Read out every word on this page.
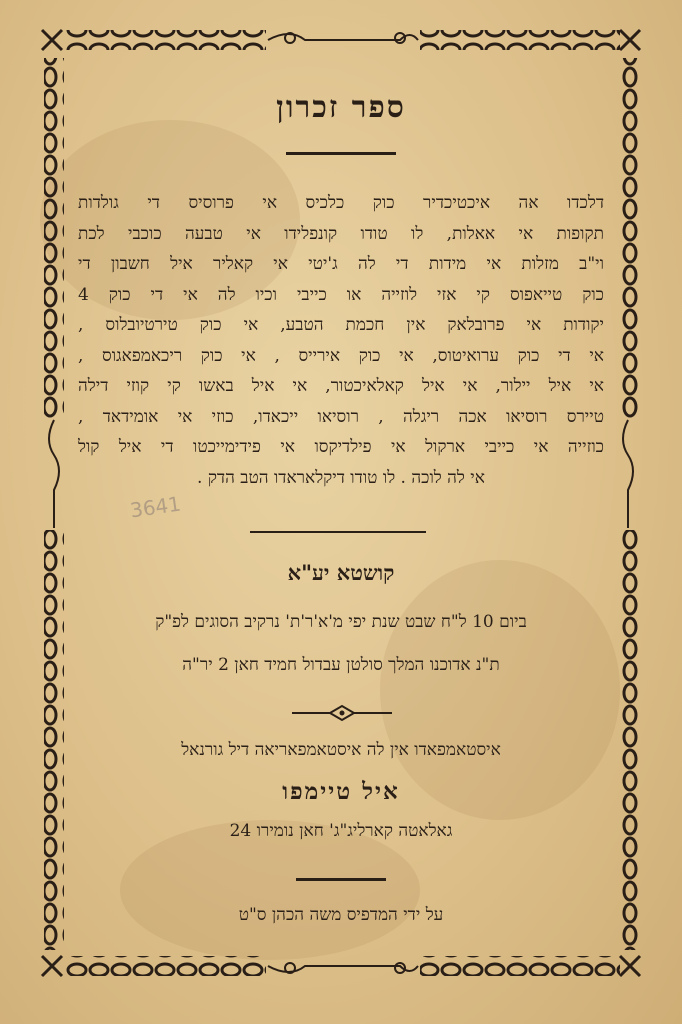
ספר זכרון
דלכדו אה איכטיכדיר כוק כלכיס אי פרוסיס די גולדות
תקופות אי אאלות, לו טודו קונפלידו אי טבעה כוכבי לכת
וי"ב מזלות אי מידות די לה ג'יטי אי קאליר איל חשבון די
כוק טייאפוס קי אזי לוזייה או כייבי וכיו לה אי די כוק 4
יקודות אי פרובלאק אין חכמת הטבע, אי כוק טירטיובלוס ,
אי די כוק ערואיטוס, אי כוק אירייס , אי כוק ריכאמפאגוס ,
אי איל יילור, אי איל קאלאיכטור, אי איל באשו קי קוזי דילה
טיירס רוסיאו אכה ריגלה , רוסיאו ייכאדו, כוזי אי אומידאד ,
כוזייה אי כייבי ארקול אי פילדיקסו אי פידימייכטו די איל קול
אי לה לוכה . לו טודו דיקלאראדו הטב הדק .
3641
קושטא יע"א
ביום 10 ל"ח שבט שנת יפי מ'א'ר'ת' נרקיב הסוגים לפ"ק
ת"נ אדוכנו המלך סולטן עבדול חמיד חאן 2 יר"ה
איסטאמפאדו אין לה איסטאמפאריאה דיל גורנאל
איל טיימפו
גאלאטה קארליג"ג' חאן נומירו 24
על ידי המדפיס משה הכהן ס"ט
